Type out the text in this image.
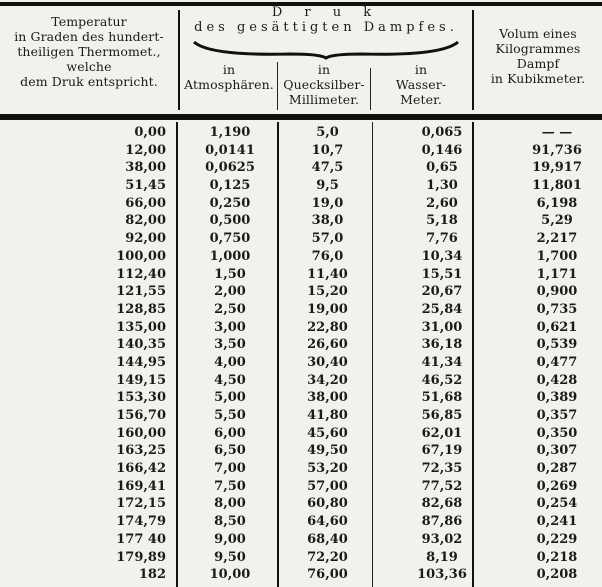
Temperatur
in Graden des hundert-
theiligen Thermomet.,
welche
dem Druk entspricht.
D r u k
des gesättigten Dampfes.
in
Atmosphären.
in
Quecksilber-
Millimeter.
in
Wasser-
Meter.
Volum eines
Kilogrammes
Dampf
in Kubikmeter.
0,00	1,190	5,0	0,065	— —
12,00	0,0141	10,7	0,146	91,736
38,00	0,0625	47,5	0,65	19,917
51,45	0,125	9,5	1,30	11,801
66,00	0,250	19,0	2,60	6,198
82,00	0,500	38,0	5,18	5,29
92,00	0,750	57,0	7,76	2,217
100,00	1,000	76,0	10,34	1,700
112,40	1,50	11,40	15,51	1,171
121,55	2,00	15,20	20,67	0,900
128,85	2,50	19,00	25,84	0,735
135,00	3,00	22,80	31,00	0,621
140,35	3,50	26,60	36,18	0,539
144,95	4,00	30,40	41,34	0,477
149,15	4,50	34,20	46,52	0,428
153,30	5,00	38,00	51,68	0,389
156,70	5,50	41,80	56,85	0,357
160,00	6,00	45,60	62,01	0,350
163,25	6,50	49,50	67,19	0,307
166,42	7,00	53,20	72,35	0,287
169,41	7,50	57,00	77,52	0,269
172,15	8,00	60,80	82,68	0,254
174,79	8,50	64,60	87,86	0,241
177 40	9,00	68,40	93,02	0,229
179,89	9,50	72,20	8,19	0,218
182	10,00	76,00	103,36	0,208
